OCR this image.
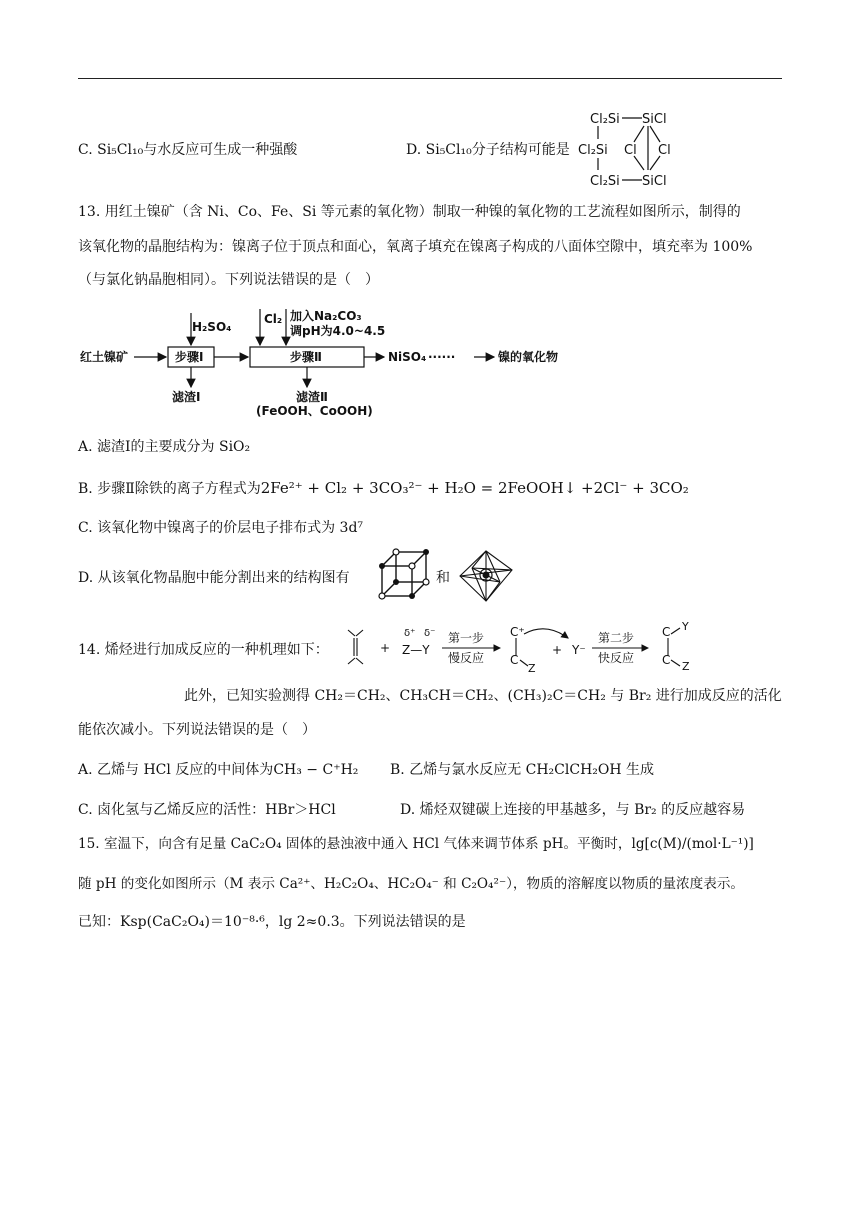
C. Si₅Cl₁₀与水反应可生成一种强酸	D. Si₅Cl₁₀分子结构可能是
Cl₂Si SiCl
Cl₂Si Cl Cl
Cl₂Si SiCl
13. 用红土镍矿（含 Ni、Co、Fe、Si 等元素的氧化物）制取一种镍的氧化物的工艺流程如图所示，制得的
该氧化物的晶胞结构为：镍离子位于顶点和面心，氧离子填充在镍离子构成的八面体空隙中，填充率为 100%
（与氯化钠晶胞相同）。下列说法错误的是（　）
红土镍矿
H₂SO₄
步骤Ⅰ
Cl₂ 加入Na₂CO₃
调pH为4.0~4.5
步骤Ⅱ	NiSO₄ ······	镍的氧化物
滤渣Ⅰ	滤渣Ⅱ
(FeOOH、CoOOH)
A. 滤渣Ⅰ的主要成分为 SiO₂
B. 步骤Ⅱ除铁的离子方程式为2Fe²⁺ + Cl₂ + 3CO₃²⁻ + H₂O = 2FeOOH↓ +2Cl⁻ + 3CO₂
C. 该氧化物中镍离子的价层电子排布式为 3d⁷
D. 从该氧化物晶胞中能分割出来的结构图有	和
14. 烯烃进行加成反应的一种机理如下：	+
δ⁺ δ⁻
Z—Y
第一步
慢反应
C⁺
C
Z
+ Y⁻
第二步
快反应
C
C
Y
Z
此外，已知实验测得 CH₂＝CH₂、CH₃CH＝CH₂、(CH₃)₂C＝CH₂ 与 Br₂ 进行加成反应的活化
能依次减小。下列说法错误的是（　）
A. 乙烯与 HCl 反应的中间体为CH₃ − C⁺H₂ B. 乙烯与氯水反应无 CH₂ClCH₂OH 生成
C. 卤化氢与乙烯反应的活性：HBr＞HCl	D. 烯烃双键碳上连接的甲基越多，与 Br₂ 的反应越容易
15. 室温下，向含有足量 CaC₂O₄ 固体的悬浊液中通入 HCl 气体来调节体系 pH。平衡时，lg[c(M)/(mol·L⁻¹)]
随 pH 的变化如图所示（M 表示 Ca²⁺、H₂C₂O₄、HC₂O₄⁻ 和 C₂O₄²⁻），物质的溶解度以物质的量浓度表示。
已知：Ksp(CaC₂O₄)＝10⁻⁸·⁶，lg 2≈0.3。下列说法错误的是
